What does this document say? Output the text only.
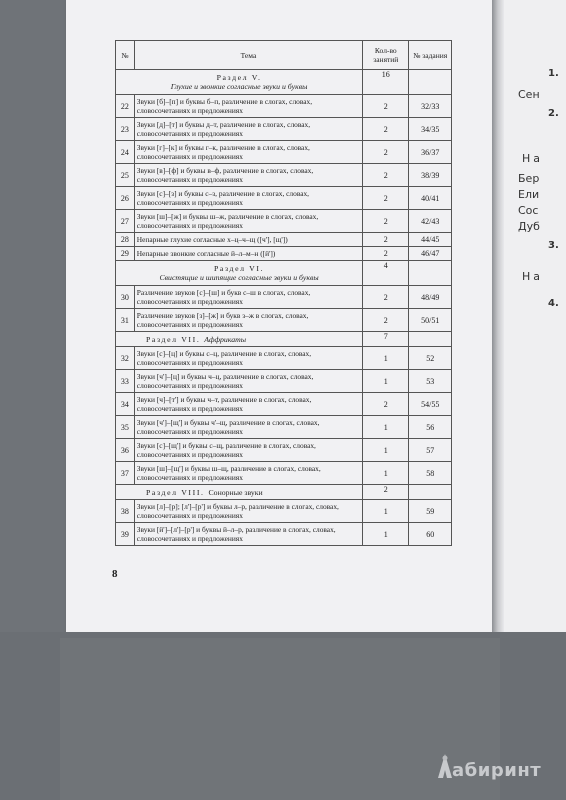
1.
Сен
2.
На
Бер
Ели
Сос
Дуб
3.
На
4.
№	Тема	Кол-во занятий	№ задания

Раздел V.
Глухие и звонкие согласные звуки и буквы		16	
22	Звуки [б]–[п] и буквы б–п, различение в слогах, словах, словосочетаниях и предложениях	2	32/33
23	Звуки [д]–[т] и буквы д–т, различение в слогах, словах, словосочетаниях и предложениях	2	34/35
24	Звуки [г]–[к] и буквы г–к, различение в слогах, словах, словосочетаниях и предложениях	2	36/37
25	Звуки [в]–[ф] и буквы в–ф, различение в слогах, словах, словосочетаниях и предложениях	2	38/39
26	Звуки [с]–[з] и буквы с–з, различение в слогах, словах, словосочетаниях и предложениях	2	40/41
27	Звуки [ш]–[ж] и буквы ш–ж, различение в слогах, словах, словосочетаниях и предложениях	2	42/43
28	Непарные глухие согласные х–ц–ч–щ ([ч'], [щ'])	2	44/45
29	Непарные звонкие согласные й–л–м–н ([й'])	2	46/47

Раздел VI.
Свистящие и шипящие согласные звуки и буквы		4	
30	Различение звуков [с]–[ш] и букв с–ш в слогах, словах, словосочетаниях и предложениях	2	48/49
31	Различение звуков [з]–[ж] и букв з–ж в слогах, словах, словосочетаниях и предложениях	2	50/51
Раздел VII. Аффрикаты		7	
32	Звуки [с]–[ц] и буквы с–ц, различение в слогах, словах, словосочетаниях и предложениях	1	52
33	Звуки [ч']–[ц] и буквы ч–ц, различение в слогах, словах, словосочетаниях и предложениях	1	53
34	Звуки [ч]–[т'] и буквы ч–т, различение в слогах, словах, словосочетаниях и предложениях	2	54/55
35	Звуки [ч']–[щ'] и буквы ч'–щ, различение в слогах, словах, словосочетаниях и предложениях	1	56
36	Звуки [с]–[щ'] и буквы с–щ, различение в слогах, словах, словосочетаниях и предложениях	1	57
37	Звуки [ш]–[щ'] и буквы ш–щ, различение в слогах, словах, словосочетаниях и предложениях	1	58
Раздел VIII. Сонорные звуки		2	
38	Звуки [л]–[р]; [л']–[р'] и буквы л–р, различение в слогах, словах, словосочетаниях и предложениях	1	59
39	Звуки [й']–[л']–[р'] и буквы й–л–р, различение в слогах, словах, словосочетаниях и предложениях	1	60
8
абиринт
